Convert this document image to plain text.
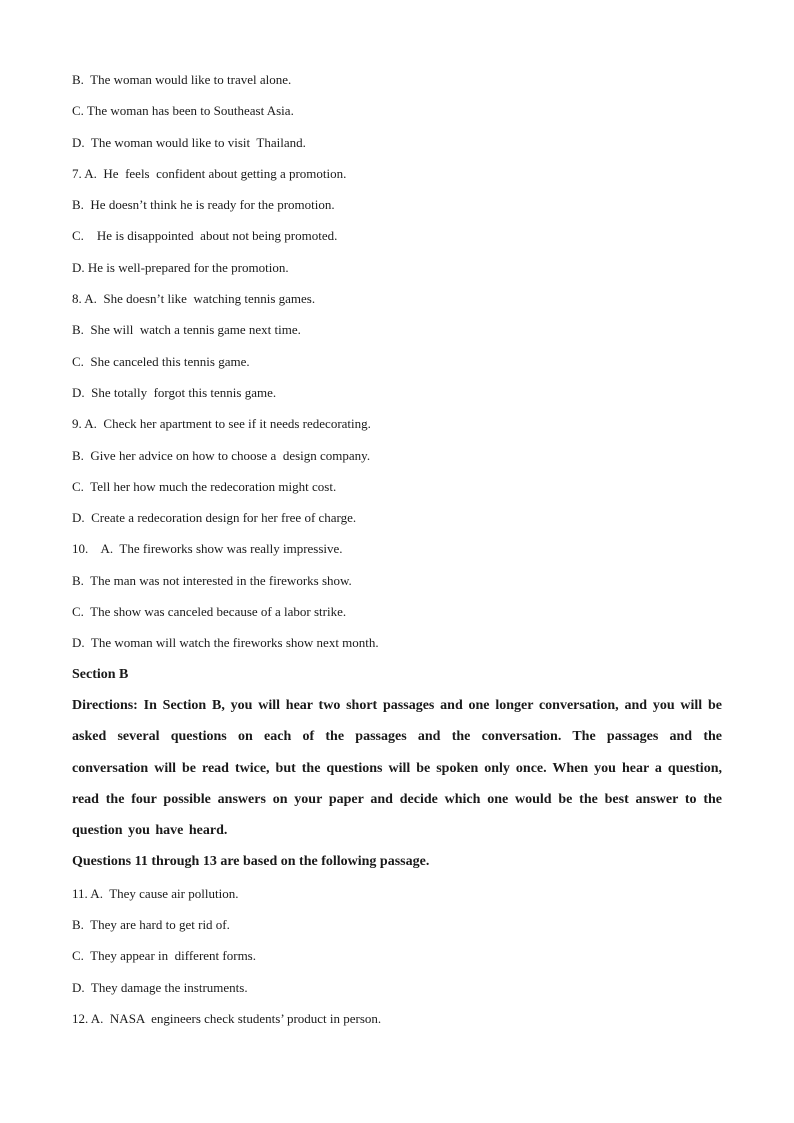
B.  The woman would like to travel alone.
C. The woman has been to Southeast Asia.
D.  The woman would like to visit  Thailand.
7. A.  He  feels  confident about getting a promotion.
B.  He doesn’t think he is ready for the promotion.
C.    He is disappointed  about not being promoted.
D. He is well-prepared for the promotion.
8. A.  She doesn’t like  watching tennis games.
B.  She will  watch a tennis game next time.
C.  She canceled this tennis game.
D.  She totally  forgot this tennis game.
9. A.  Check her apartment to see if it needs redecorating.
B.  Give her advice on how to choose a  design company.
C.  Tell her how much the redecoration might cost.
D.  Create a redecoration design for her free of charge.
10.    A.  The fireworks show was really impressive.
B.  The man was not interested in the fireworks show.
C.  The show was canceled because of a labor strike.
D.  The woman will watch the fireworks show next month.
Section B
Directions: In Section B, you will hear two short passages and one longer conversation, and you will be asked several questions on each of the passages and the conversation. The passages and the conversation will be read twice, but the questions will be spoken only once. When you hear a question, read the four possible answers on your paper and decide which one would be the best answer to the question you have heard.
Questions 11 through 13 are based on the following passage.
11. A.  They cause air pollution.
B.  They are hard to get rid of.
C.  They appear in  different forms.
D.  They damage the instruments.
12. A.  NASA  engineers check students’ product in person.
